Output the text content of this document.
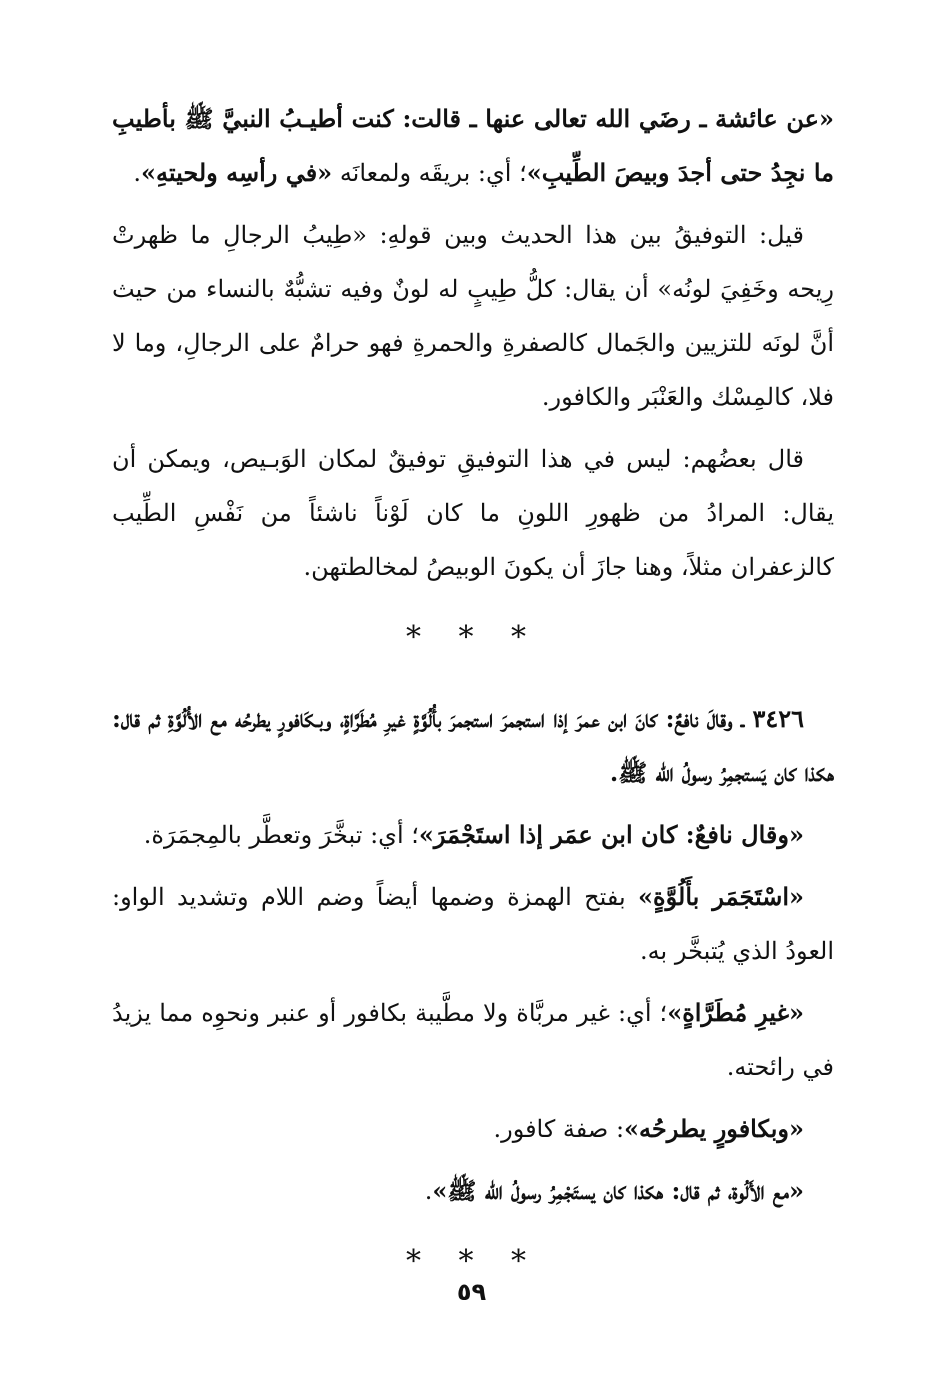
«عن عائشة ـ رضَي الله تعالى عنها ـ قالت: كنت أطيـبُ النبيَّ ﷺ بأطيبِ ما نجِدُ حتى أجدَ وبيصَ الطِّيبِ»؛ أي: بريقَه ولمعانَه «في رأسِه ولحيتهِ».

قيل: التوفيقُ بين هذا الحديث وبين قولهِ: «طِيبُ الرجالِ ما ظهرتْ رِيحه وخَفِيَ لونُه» أن يقال: كلُّ طِيبٍ له لونٌ وفيه تشبُّهٌ بالنساء من حيث أنَّ لونَه للتزيين والجَمال كالصفرةِ والحمرةِ فهو حرامٌ على الرجالِ، وما لا فلا، كالمِسْك والعَنْبَر والكافور.

قال بعضُهم: ليس في هذا التوفيقِ توفيقٌ لمكان الوَبـيص، ويمكن أن يقال: المرادُ من ظهورِ اللونِ ما كان لَوْناً ناشئاً من نَفْسِ الطِّيب كالزعفران مثلاً، وهنا جازَ أن يكونَ الوبيصُ لمخالطتهن.

* * *

٣٤٢٦ ـ وقالَ نافعٌ: كانَ ابن عمرَ إذا استجمرَ استجمرَ بأُلُوَّةٍ غيرِ مُطَرَّاةٍ، وبـكَافورٍ يطرحُه مع الأُلُوَّةِ ثم قال: هكذا كان يَستجمِرُ رسولُ الله ﷺ.

«وقال نافعٌ: كان ابن عمَر إذا استَجْمَرَ»؛ أي: تبخَّرَ وتعطَّر بالمِجمَرَة.

«اسْتَجَمَر بأَلُوَّةٍ» بفتح الهمزة وضمها أيضاً وضم اللام وتشديد الواو: العودُ الذي يُتبخَّر به.

«غيرِ مُطَرَّاةٍ»؛ أي: غير مربَّاة ولا مطَّيبة بكافور أو عنبر ونحوِه مما يزيدُ في رائحته.

«وبكافورٍ يطرحُه»: صفة كافور.

«مع الأَلُوة، ثم قال: هكذا كان يستَجْمِرُ رسولُ الله ﷺ».

* * *
٥٩
